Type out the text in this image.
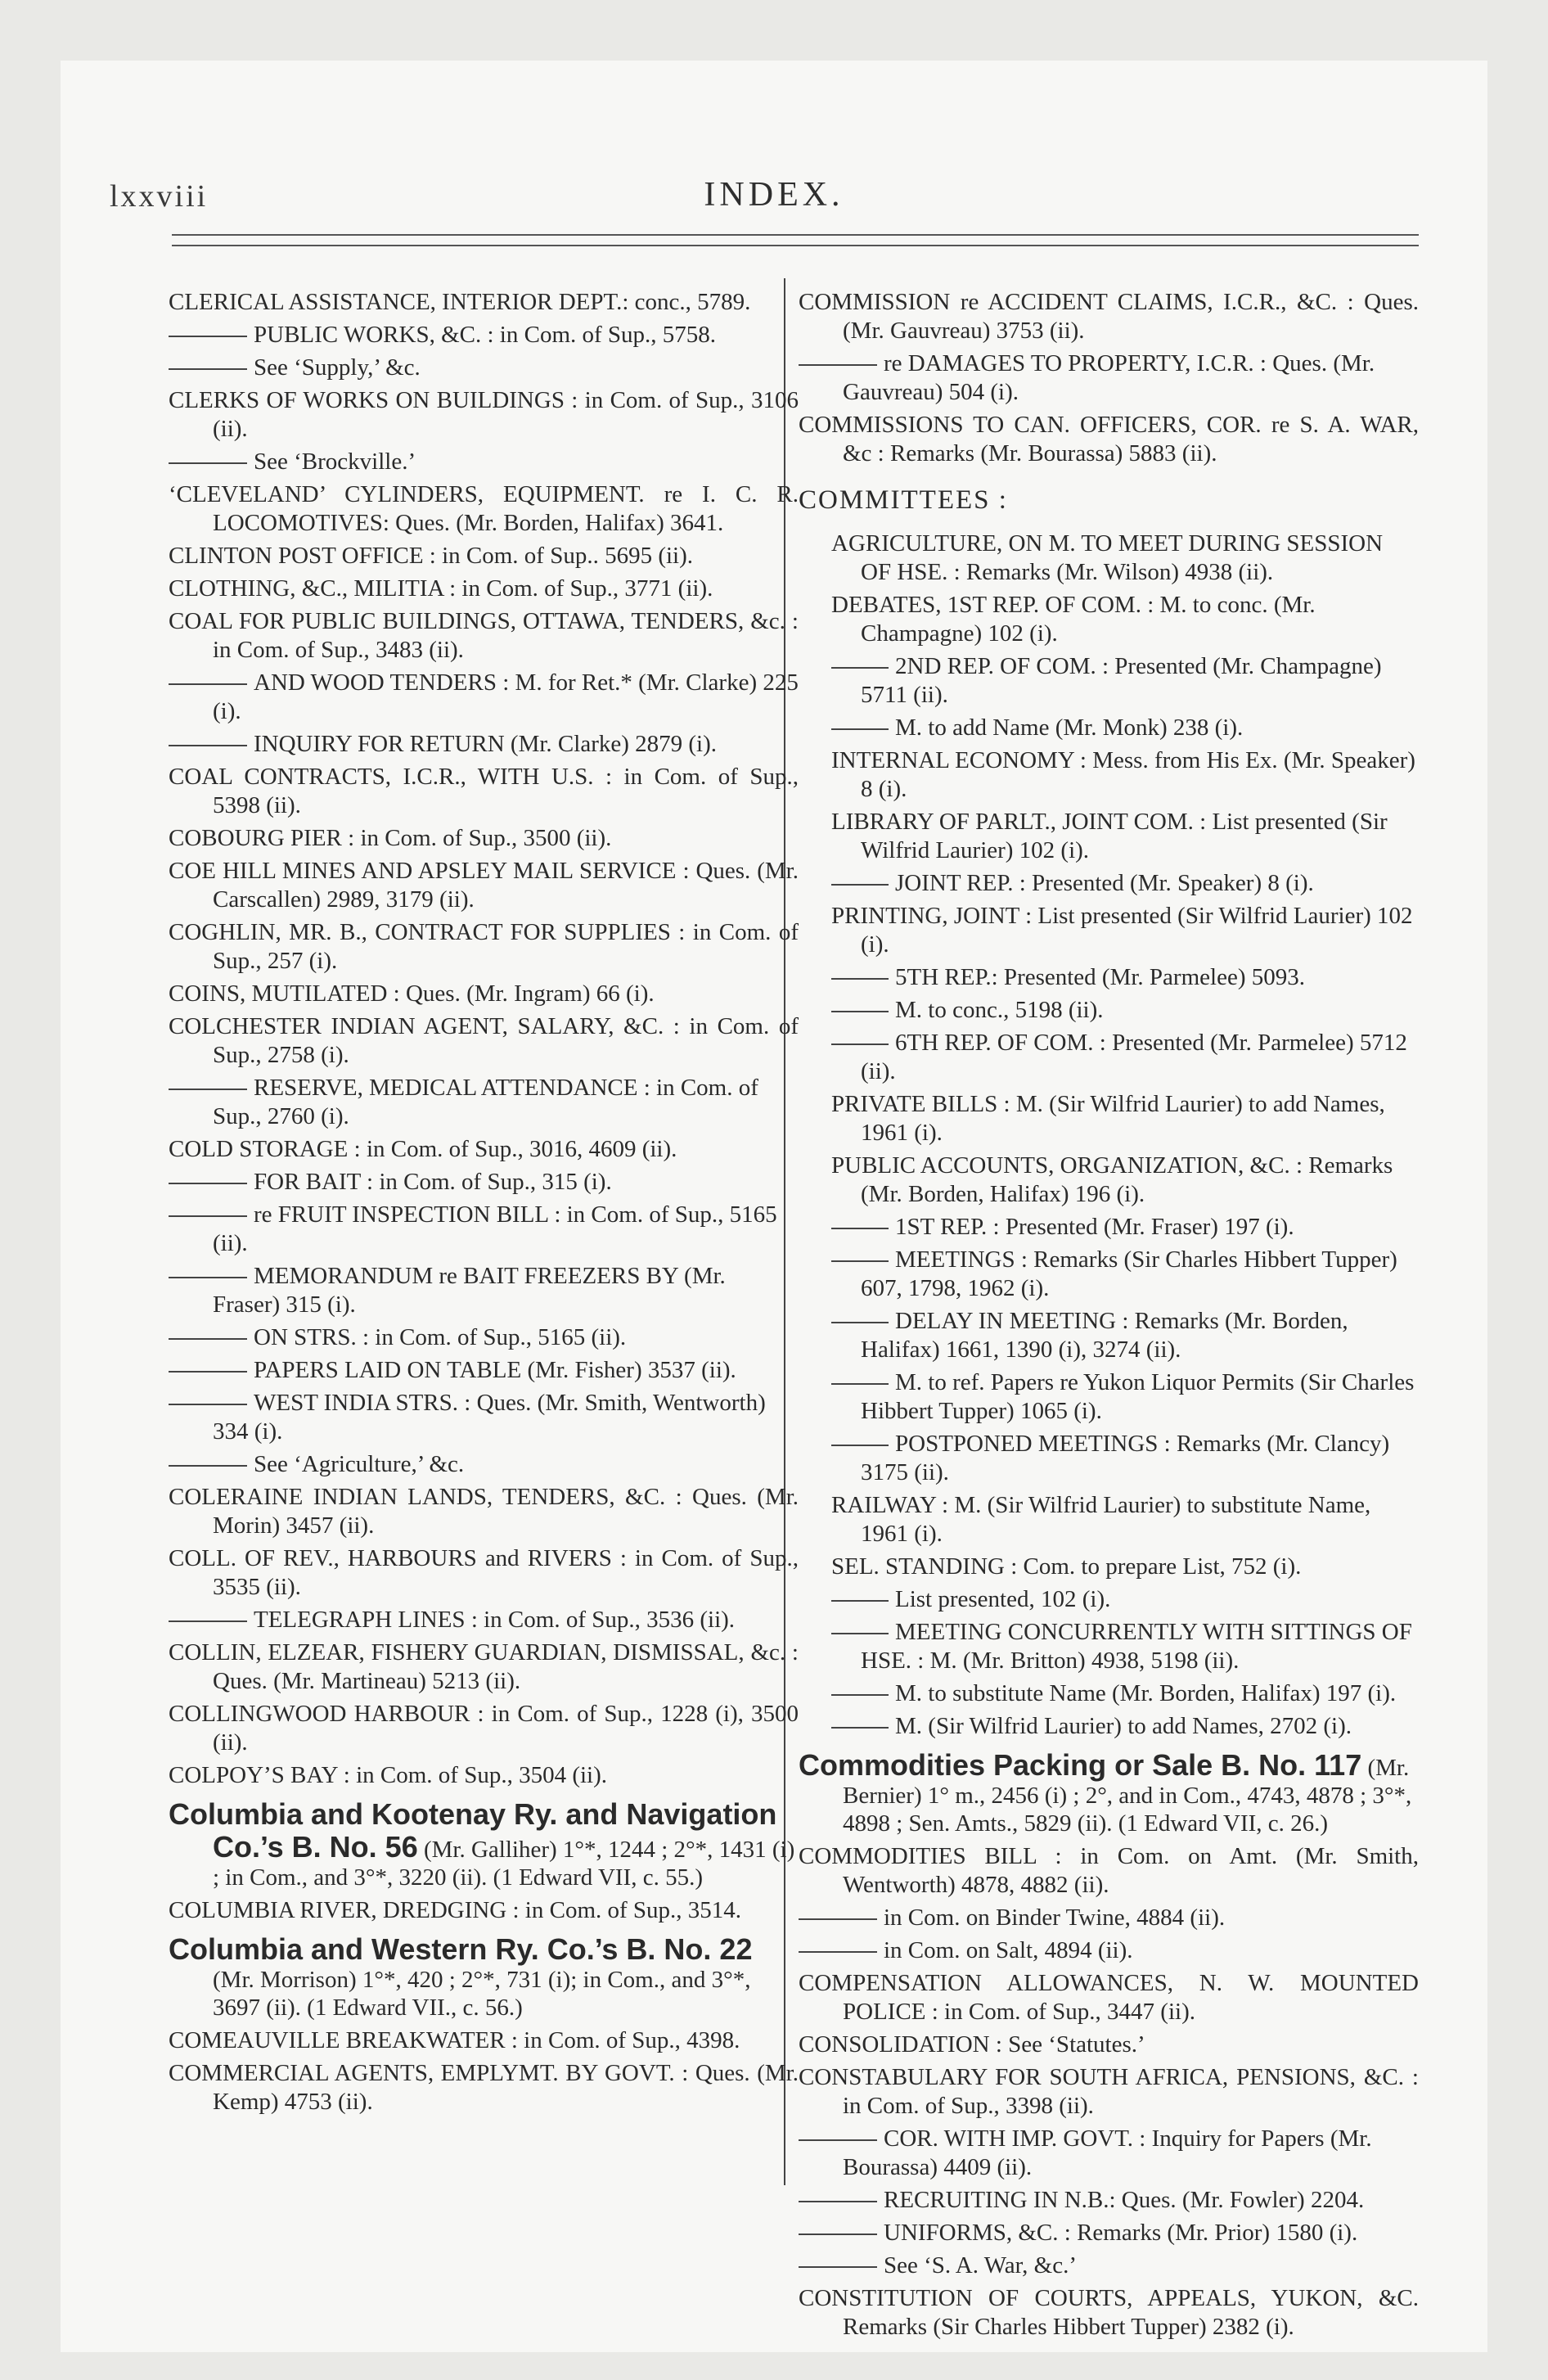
lxxviii	INDEX.
CLERICAL ASSISTANCE, INTERIOR DEPT.: conc., 5789.
PUBLIC WORKS, &C. : in Com. of Sup., 5758.
See ‘Supply,’ &c.
CLERKS OF WORKS ON BUILDINGS : in Com. of Sup., 3106 (ii).
See ‘Brockville.’
‘CLEVELAND’ CYLINDERS, EQUIPMENT. re I. C. R. LOCOMOTIVES: Ques. (Mr. Borden, Halifax) 3641.
CLINTON POST OFFICE : in Com. of Sup.. 5695 (ii).
CLOTHING, &C., MILITIA : in Com. of Sup., 3771 (ii).
COAL FOR PUBLIC BUILDINGS, OTTAWA, TENDERS, &c. : in Com. of Sup., 3483 (ii).
AND WOOD TENDERS : M. for Ret.* (Mr. Clarke) 225 (i).
INQUIRY FOR RETURN (Mr. Clarke) 2879 (i).
COAL CONTRACTS, I.C.R., WITH U.S. : in Com. of Sup., 5398 (ii).
COBOURG PIER : in Com. of Sup., 3500 (ii).
COE HILL MINES AND APSLEY MAIL SERVICE : Ques. (Mr. Carscallen) 2989, 3179 (ii).
COGHLIN, MR. B., CONTRACT FOR SUPPLIES : in Com. of Sup., 257 (i).
COINS, MUTILATED : Ques. (Mr. Ingram) 66 (i).
COLCHESTER INDIAN AGENT, SALARY, &C. : in Com. of Sup., 2758 (i).
RESERVE, MEDICAL ATTENDANCE : in Com. of Sup., 2760 (i).
COLD STORAGE : in Com. of Sup., 3016, 4609 (ii).
FOR BAIT : in Com. of Sup., 315 (i).
re FRUIT INSPECTION BILL : in Com. of Sup., 5165 (ii).
MEMORANDUM re BAIT FREEZERS BY (Mr. Fraser) 315 (i).
ON STRS. : in Com. of Sup., 5165 (ii).
PAPERS LAID ON TABLE (Mr. Fisher) 3537 (ii).
WEST INDIA STRS. : Ques. (Mr. Smith, Wentworth) 334 (i).
See ‘Agriculture,’ &c.
COLERAINE INDIAN LANDS, TENDERS, &C. : Ques. (Mr. Morin) 3457 (ii).
COLL. OF REV., HARBOURS and RIVERS : in Com. of Sup., 3535 (ii).
TELEGRAPH LINES : in Com. of Sup., 3536 (ii).
COLLIN, ELZEAR, FISHERY GUARDIAN, DISMISSAL, &c. : Ques. (Mr. Martineau) 5213 (ii).
COLLINGWOOD HARBOUR : in Com. of Sup., 1228 (i), 3500 (ii).
COLPOY’S BAY : in Com. of Sup., 3504 (ii).
Columbia and Kootenay Ry. and Navigation Co.’s B. No. 56 (Mr. Galliher) 1°*, 1244 ; 2°*, 1431 (i) ; in Com., and 3°*, 3220 (ii). (1 Edward VII, c. 55.)
COLUMBIA RIVER, DREDGING : in Com. of Sup., 3514.
Columbia and Western Ry. Co.’s B. No. 22 (Mr. Morrison) 1°*, 420 ; 2°*, 731 (i); in Com., and 3°*, 3697 (ii). (1 Edward VII., c. 56.)
COMEAUVILLE BREAKWATER : in Com. of Sup., 4398.
COMMERCIAL AGENTS, EMPLYMT. BY GOVT. : Ques. (Mr. Kemp) 4753 (ii).
COMMISSION re ACCIDENT CLAIMS, I.C.R., &C. : Ques. (Mr. Gauvreau) 3753 (ii).
re DAMAGES TO PROPERTY, I.C.R. : Ques. (Mr. Gauvreau) 504 (i).
COMMISSIONS TO CAN. OFFICERS, COR. re S. A. WAR, &c : Remarks (Mr. Bourassa) 5883 (ii).
COMMITTEES :
AGRICULTURE, ON M. TO MEET DURING SESSION OF HSE. : Remarks (Mr. Wilson) 4938 (ii).
DEBATES, 1ST REP. OF COM. : M. to conc. (Mr. Champagne) 102 (i).
2ND REP. OF COM. : Presented (Mr. Champagne) 5711 (ii).
M. to add Name (Mr. Monk) 238 (i).
INTERNAL ECONOMY : Mess. from His Ex. (Mr. Speaker) 8 (i).
LIBRARY OF PARLT., JOINT COM. : List presented (Sir Wilfrid Laurier) 102 (i).
JOINT REP. : Presented (Mr. Speaker) 8 (i).
PRINTING, JOINT : List presented (Sir Wilfrid Laurier) 102 (i).
5TH REP.: Presented (Mr. Parmelee) 5093.
M. to conc., 5198 (ii).
6TH REP. OF COM. : Presented (Mr. Parmelee) 5712 (ii).
PRIVATE BILLS : M. (Sir Wilfrid Laurier) to add Names, 1961 (i).
PUBLIC ACCOUNTS, ORGANIZATION, &C. : Remarks (Mr. Borden, Halifax) 196 (i).
1ST REP. : Presented (Mr. Fraser) 197 (i).
MEETINGS : Remarks (Sir Charles Hibbert Tupper) 607, 1798, 1962 (i).
DELAY IN MEETING : Remarks (Mr. Borden, Halifax) 1661, 1390 (i), 3274 (ii).
M. to ref. Papers re Yukon Liquor Permits (Sir Charles Hibbert Tupper) 1065 (i).
POSTPONED MEETINGS : Remarks (Mr. Clancy) 3175 (ii).
RAILWAY : M. (Sir Wilfrid Laurier) to substitute Name, 1961 (i).
SEL. STANDING : Com. to prepare List, 752 (i).
List presented, 102 (i).
MEETING CONCURRENTLY WITH SITTINGS OF HSE. : M. (Mr. Britton) 4938, 5198 (ii).
M. to substitute Name (Mr. Borden, Halifax) 197 (i).
M. (Sir Wilfrid Laurier) to add Names, 2702 (i).
Commodities Packing or Sale B. No. 117 (Mr. Bernier) 1° m., 2456 (i) ; 2°, and in Com., 4743, 4878 ; 3°*, 4898 ; Sen. Amts., 5829 (ii). (1 Edward VII, c. 26.)
COMMODITIES BILL : in Com. on Amt. (Mr. Smith, Wentworth) 4878, 4882 (ii).
in Com. on Binder Twine, 4884 (ii).
in Com. on Salt, 4894 (ii).
COMPENSATION ALLOWANCES, N. W. MOUNTED POLICE : in Com. of Sup., 3447 (ii).
CONSOLIDATION : See ‘Statutes.’
CONSTABULARY FOR SOUTH AFRICA, PENSIONS, &C. : in Com. of Sup., 3398 (ii).
COR. WITH IMP. GOVT. : Inquiry for Papers (Mr. Bourassa) 4409 (ii).
RECRUITING IN N.B.: Ques. (Mr. Fowler) 2204.
UNIFORMS, &C. : Remarks (Mr. Prior) 1580 (i).
See ‘S. A. War, &c.’
CONSTITUTION OF COURTS, APPEALS, YUKON, &C. Remarks (Sir Charles Hibbert Tupper) 2382 (i).
